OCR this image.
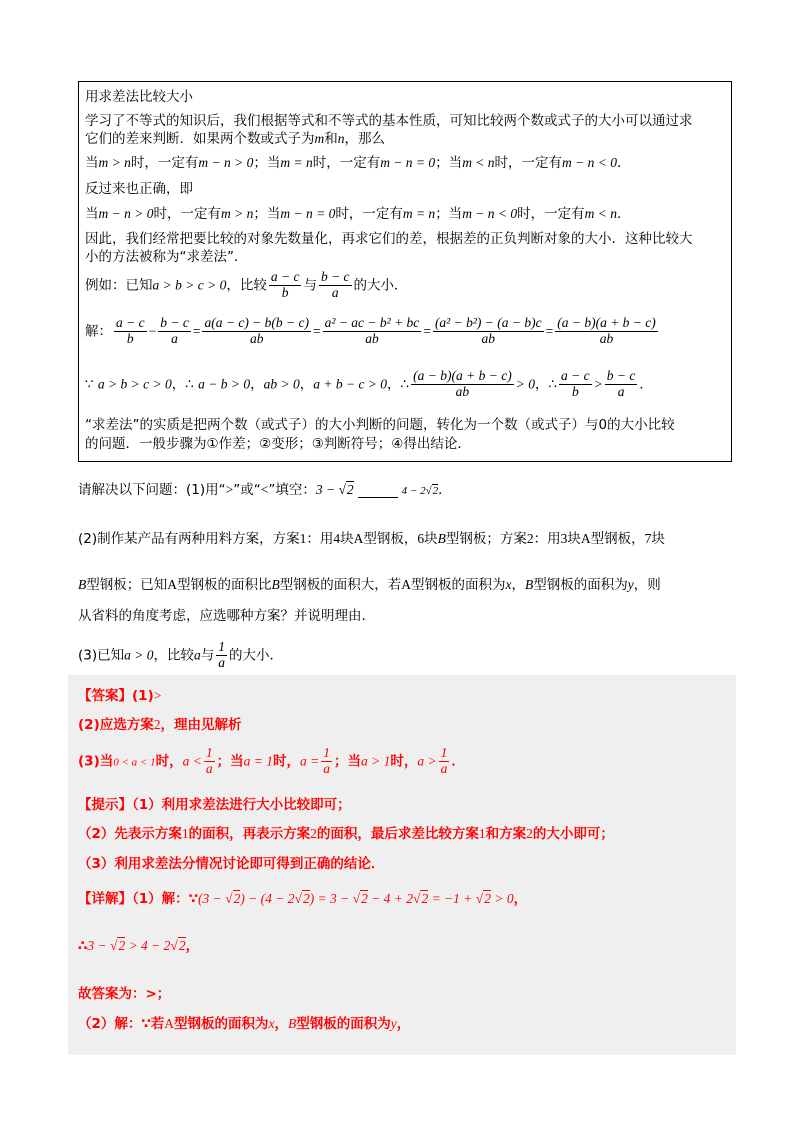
用求差法比较大小
学习了不等式的知识后，我们根据等式和不等式的基本性质，可知比较两个数或式子的大小可以通过求
它们的差来判断．如果两个数或式子为m和n，那么
当m > n时，一定有m − n > 0；当m = n时，一定有m − n = 0；当m < n时，一定有m − n < 0．
反过来也正确，即
当m − n > 0时，一定有m > n；当m − n = 0时，一定有m = n；当m − n < 0时，一定有m < n．
因此，我们经常把要比较的对象先数量化，再求它们的差，根据差的正负判断对象的大小．这种比较大
小的方法被称为“求差法”．
例如：已知a > b > c > 0，比较 $\frac{a - c}{b}$ 与 $\frac{b - c}{a}$ 的大小．
解： $\frac{a - c}{b} - \frac{b - c}{a} = \frac{a(a - c) - b(b - c)}{ab} = \frac{\text{a² − ac − b² + bc}}{ab} = \frac{\text{(a² − b²) − (a − b)c}}{ab} = \frac{(a - b)(a + b - c)}{ab}$
∵ a > b > c > 0，∴ a − b > 0，ab > 0，a + b − c > 0，∴ $\frac{(a - b)(a + b - c)}{ab} > 0$，∴ $\frac{a - c}{b} > \frac{b - c}{a}$ ．
“求差法”的实质是把两个数（或式子）的大小判断的问题，转化为一个数（或式子）与0的大小比较
的问题．一般步骤为①作差；②变形；③判断符号；④得出结论．
请解决以下问题：(1)用“>”或“<”填空：3 − √2	4 − 2√2．
(2)制作某产品有两种用料方案，方案1：用4块A型钢板，6块B型钢板；方案2：用3块A型钢板，7块
B型钢板；已知A型钢板的面积比B型钢板的面积大，若A型钢板的面积为x，B型钢板的面积为y，则
从省料的角度考虑，应选哪种方案？并说明理由．
(3)已知a > 0，比较a与 $\frac{1}{a}$ 的大小．
【答案】(1)>
(2)应选方案2，理由见解析
(3)当0 < a < 1时，$a < \frac{1}{a}$ ；当a = 1时，$a = \frac{1}{a}$ ；当a > 1时，$a > \frac{1}{a}$ ．
【提示】（1）利用求差法进行大小比较即可；
（2）先表示方案1的面积，再表示方案2的面积，最后求差比较方案1和方案2的大小即可；
（3）利用求差法分情况讨论即可得到正确的结论．
【详解】（1）解：∵(3 − √2) − (4 − 2√2) = 3 − √2 − 4 + 2√2 = −1 + √2 > 0，
∴3 − √2 > 4 − 2√2，
故答案为：>；
（2）解：∵若A型钢板的面积为x，B型钢板的面积为y，
